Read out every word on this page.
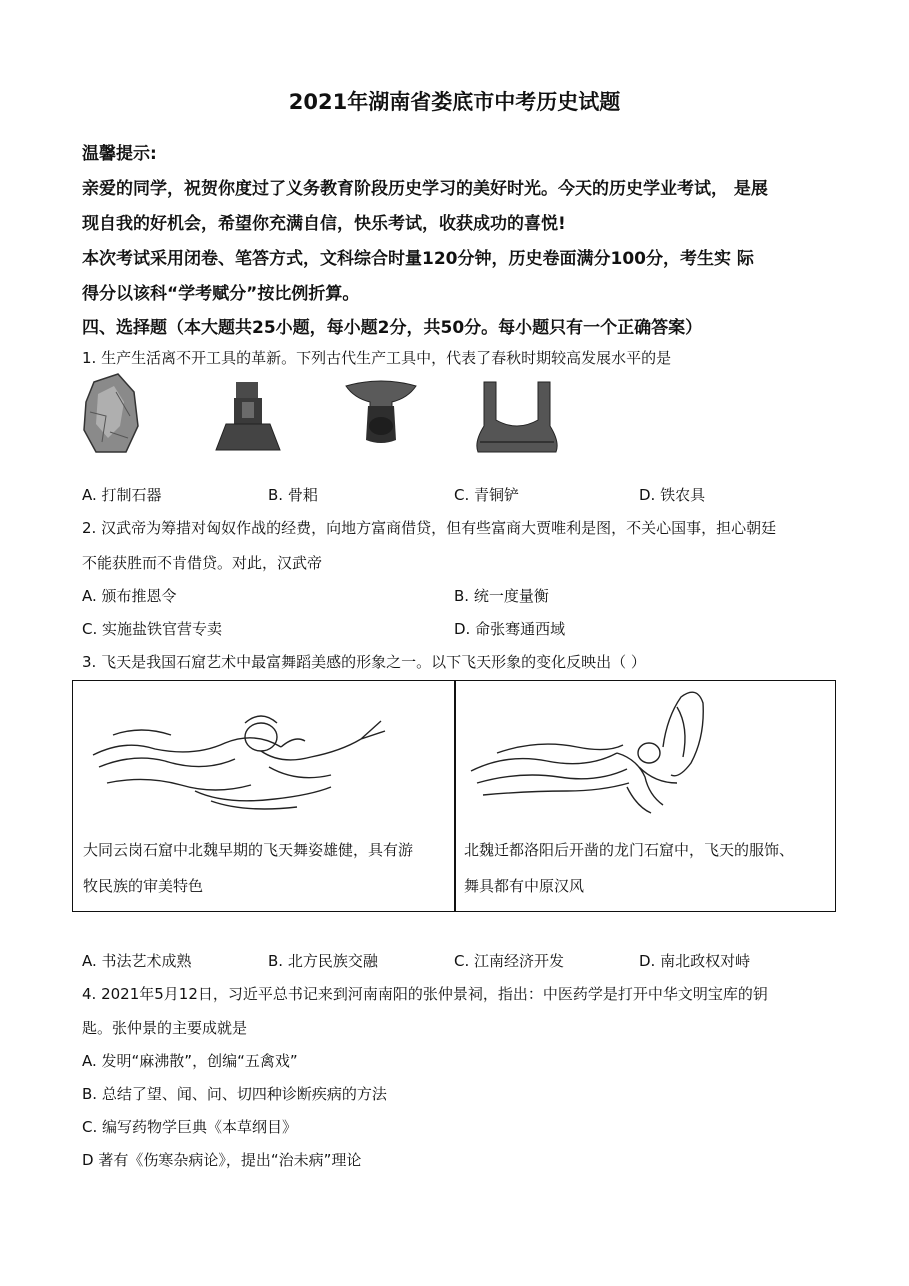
2021年湖南省娄底市中考历史试题
温馨提示:
亲爱的同学，祝贺你度过了义务教育阶段历史学习的美好时光。今天的历史学业考试， 是展
现自我的好机会，希望你充满自信，快乐考试，收获成功的喜悦!
本次考试采用闭卷、笔答方式，文科综合时量120分钟，历史卷面满分100分，考生实 际
得分以该科“学考赋分”按比例折算。
四、选择题（本大题共25小题，每小题2分，共50分。每小题只有一个正确答案）
1. 生产生活离不开工具的革新。下列古代生产工具中，代表了春秋时期较高发展水平的是
A. 打制石器	B. 骨耜	C. 青铜铲	D. 铁农具
2. 汉武帝为筹措对匈奴作战的经费，向地方富商借贷，但有些富商大贾唯利是图，不关心国事，担心朝廷
不能获胜而不肯借贷。对此，汉武帝
A. 颁布推恩令	B. 统一度量衡
C. 实施盐铁官营专卖	D. 命张骞通西域
3. 飞天是我国石窟艺术中最富舞蹈美感的形象之一。以下飞天形象的变化反映出（ ）
大同云岗石窟中北魏早期的飞天舞姿雄健，具有游
牧民族的审美特色
北魏迁都洛阳后开凿的龙门石窟中，飞天的服饰、
舞具都有中原汉风
A. 书法艺术成熟	B. 北方民族交融	C. 江南经济开发	D. 南北政权对峙
4. 2021年5月12日，习近平总书记来到河南南阳的张仲景祠，指出：中医药学是打开中华文明宝库的钥
匙。张仲景的主要成就是
A. 发明“麻沸散”，创编“五禽戏”
B. 总结了望、闻、问、切四种诊断疾病的方法
C. 编写药物学巨典《本草纲目》
D 著有《伤寒杂病论》，提出“治未病”理论
